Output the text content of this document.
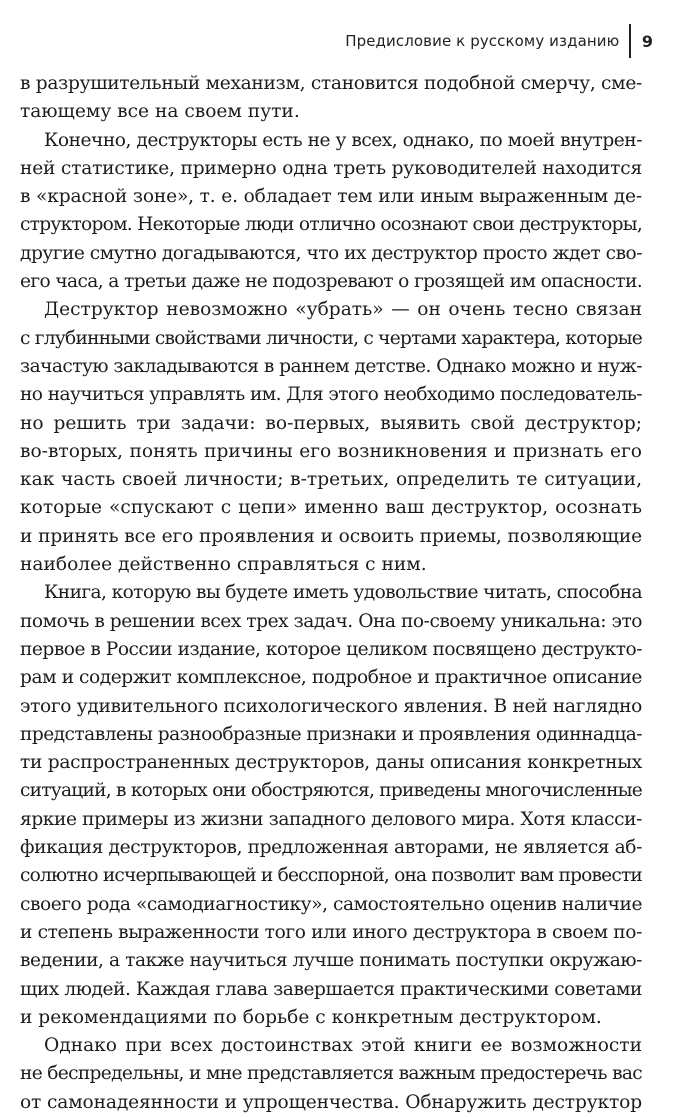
Предисловие к русскому изданию	9

в разрушительный механизм, становится подобной смерчу, сме-
тающему все на своем пути.

Конечно, деструкторы есть не у всех, однако, по моей внутрен-
ней статистике, примерно одна треть руководителей находится
в «красной зоне», т. е. обладает тем или иным выраженным де-
структором. Некоторые люди отлично осознают свои деструкторы,
другие смутно догадываются, что их деструктор просто ждет сво-
его часа, а третьи даже не подозревают о грозящей им опасности.

Деструктор невозможно «убрать» — он очень тесно связан
с глубинными свойствами личности, с чертами характера, которые
зачастую закладываются в раннем детстве. Однако можно и нуж-
но научиться управлять им. Для этого необходимо последователь-
но решить три задачи: во-первых, выявить свой деструктор;
во-вторых, понять причины его возникновения и признать его
как часть своей личности; в-третьих, определить те ситуации,
которые «спускают с цепи» именно ваш деструктор, осознать
и принять все его проявления и освоить приемы, позволяющие
наиболее действенно справляться с ним.

Книга, которую вы будете иметь удовольствие читать, способна
помочь в решении всех трех задач. Она по-своему уникальна: это
первое в России издание, которое целиком посвящено деструкто-
рам и содержит комплексное, подробное и практичное описание
этого удивительного психологического явления. В ней наглядно
представлены разнообразные признаки и проявления одиннадца-
ти распространенных деструкторов, даны описания конкретных
ситуаций, в которых они обостряются, приведены многочисленные
яркие примеры из жизни западного делового мира. Хотя класси-
фикация деструкторов, предложенная авторами, не является аб-
солютно исчерпывающей и бесспорной, она позволит вам провести
своего рода «самодиагностику», самостоятельно оценив наличие
и степень выраженности того или иного деструктора в своем по-
ведении, а также научиться лучше понимать поступки окружаю-
щих людей. Каждая глава завершается практическими советами
и рекомендациями по борьбе с конкретным деструктором.

Однако при всех достоинствах этой книги ее возможности
не беспредельны, и мне представляется важным предостеречь вас
от самонадеянности и упрощенчества. Обнаружить деструктор
